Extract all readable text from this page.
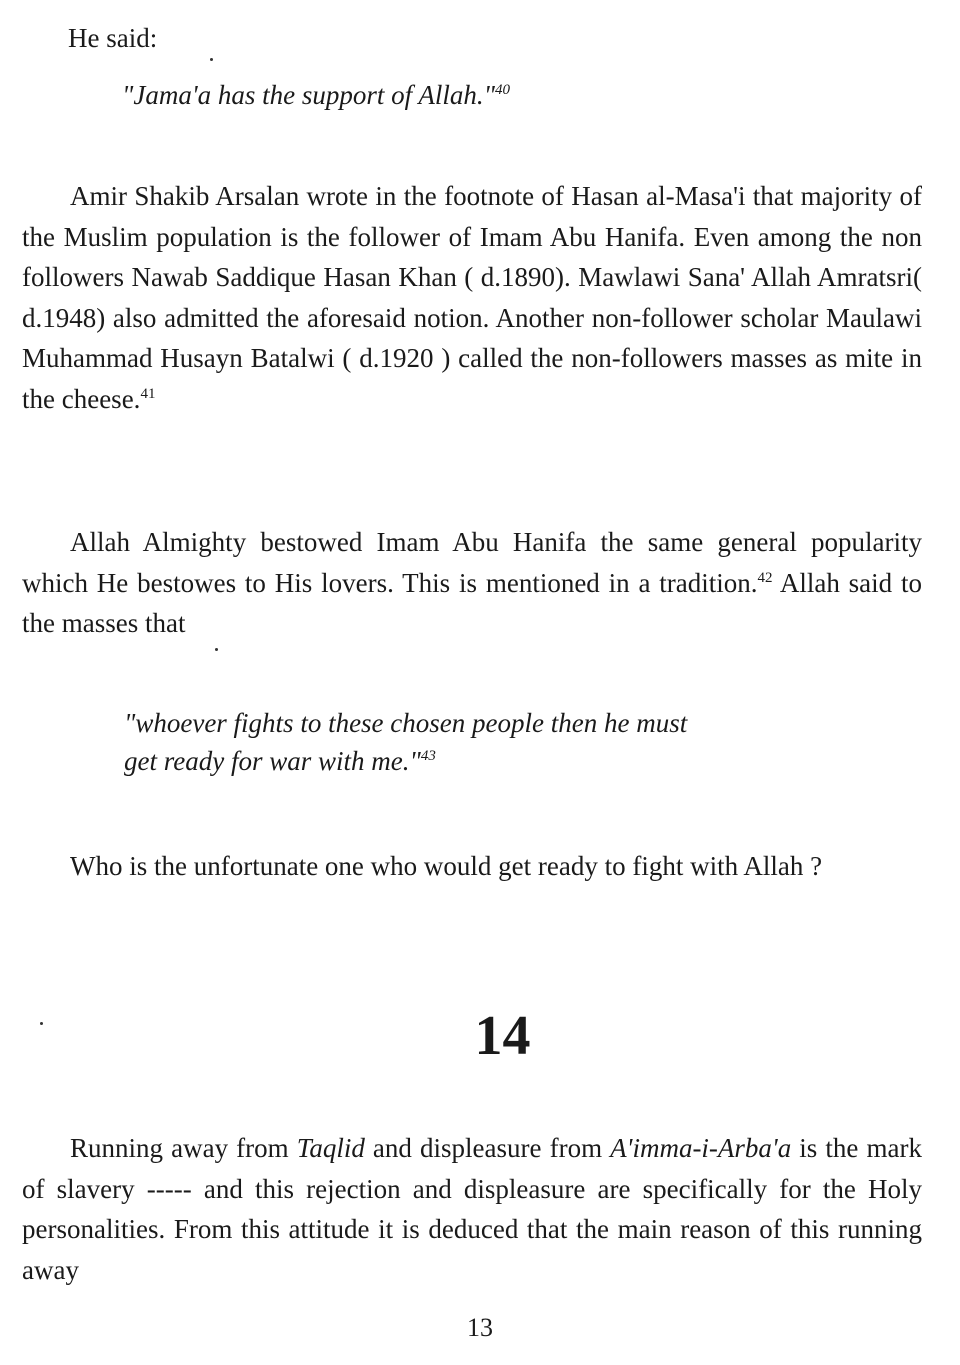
He said:

"Jama'a has the support of Allah."$^{40}$

Amir Shakib Arsalan wrote in the footnote of Hasan al-Masa'i that majority of the Muslim population is the follower of Imam Abu Hanifa. Even among the non followers Nawab Saddique Hasan Khan ( d.1890). Mawlawi Sana' Allah Amratsri( d.1948) also admitted the aforesaid notion. Another non-follower scholar Maulawi Muhammad Husayn Batalwi ( d.1920 ) called the non-followers masses as mite in the cheese.$^{41}$

Allah Almighty bestowed Imam Abu Hanifa the same general popularity which He bestowes to His lovers. This is mentioned in a tradition.$^{42}$ Allah said to the masses that

"whoever fights to these chosen people then he must
get ready for war with me."$^{43}$

Who is the unfortunate one who would get ready to fight with Allah ?

14

Running away from Taqlid and displeasure from A'imma-i-Arba'a is the mark of slavery ----- and this rejection and displeasure are specifically for the Holy personalities. From this attitude it is deduced that the main reason of this running away

13
